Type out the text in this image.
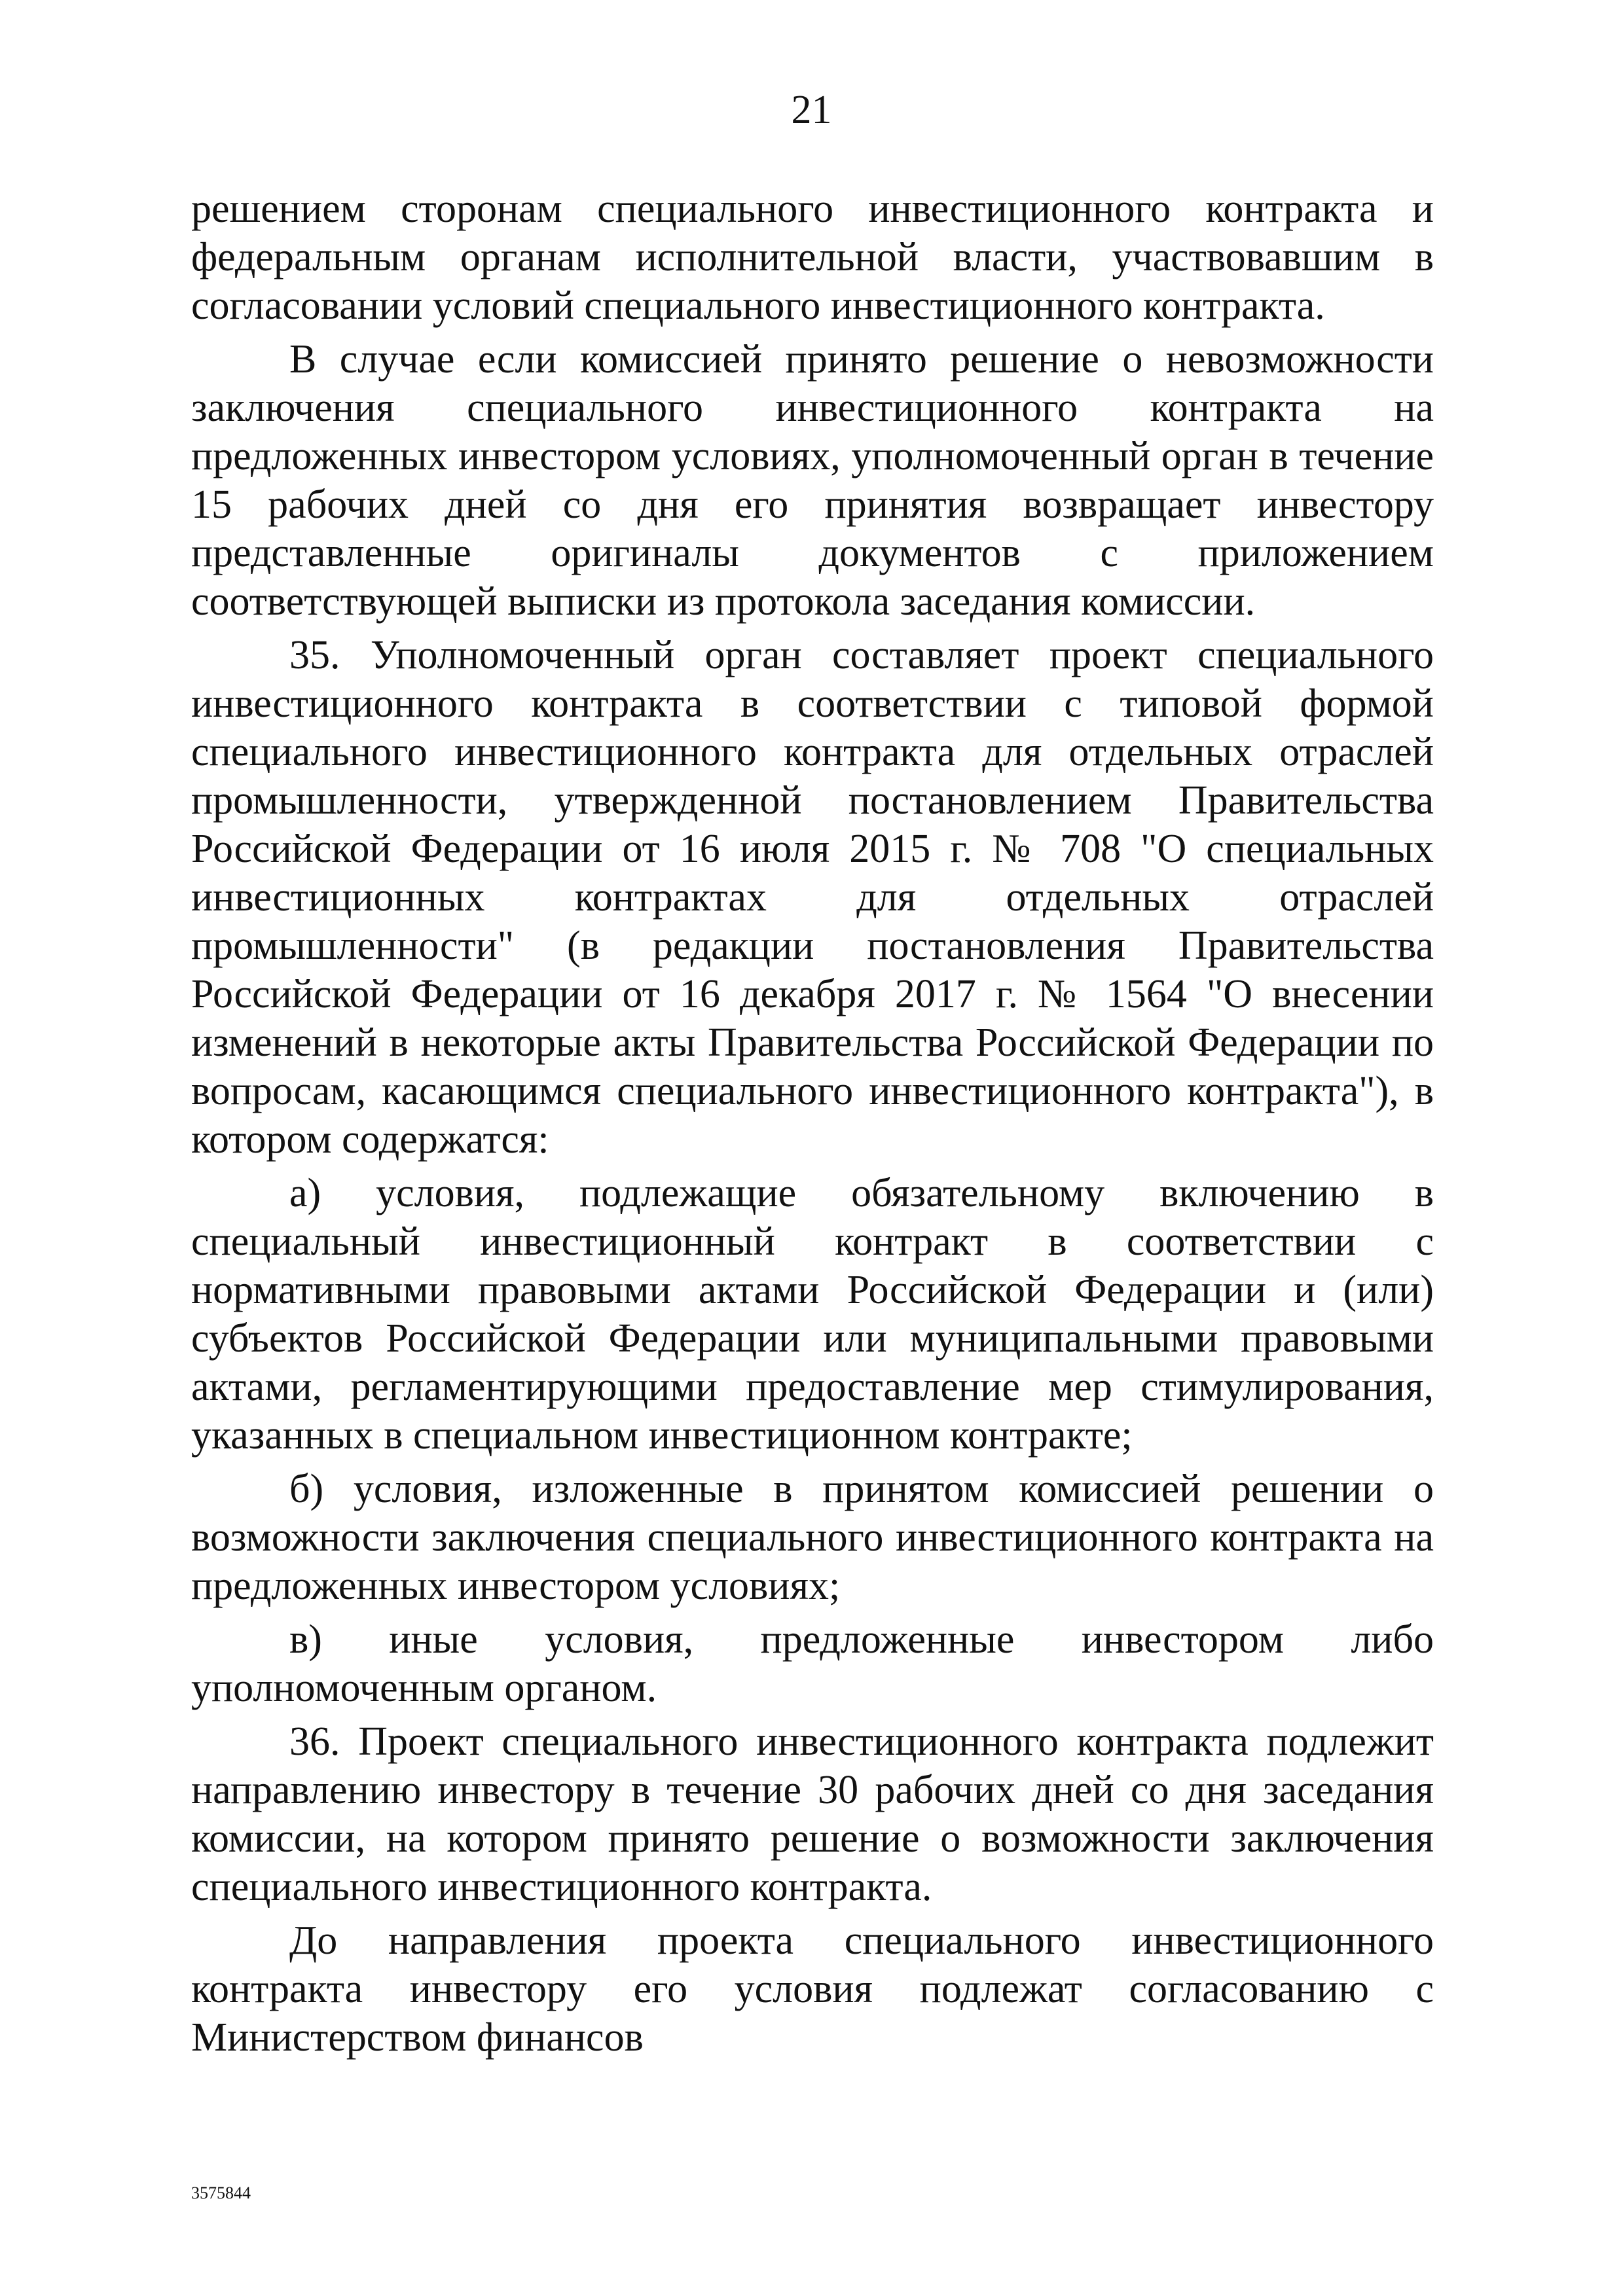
21

решением сторонам специального инвестиционного контракта и федеральным органам исполнительной власти, участвовавшим в согласовании условий специального инвестиционного контракта.

В случае если комиссией принято решение о невозможности заключения специального инвестиционного контракта на предложенных инвестором условиях, уполномоченный орган в течение 15 рабочих дней со дня его принятия возвращает инвестору представленные оригиналы документов с приложением соответствующей выписки из протокола заседания комиссии.

35. Уполномоченный орган составляет проект специального инвестиционного контракта в соответствии с типовой формой специального инвестиционного контракта для отдельных отраслей промышленности, утвержденной постановлением Правительства Российской Федерации от 16 июля 2015 г. № 708 "О специальных инвестиционных контрактах для отдельных отраслей промышленности" (в редакции постановления Правительства Российской Федерации от 16 декабря 2017 г. № 1564 "О внесении изменений в некоторые акты Правительства Российской Федерации по вопросам, касающимся специального инвестиционного контракта"), в котором содержатся:

а) условия, подлежащие обязательному включению в специальный инвестиционный контракт в соответствии с нормативными правовыми актами Российской Федерации и (или) субъектов Российской Федерации или муниципальными правовыми актами, регламентирующими предоставление мер стимулирования, указанных в специальном инвестиционном контракте;

б) условия, изложенные в принятом комиссией решении о возможности заключения специального инвестиционного контракта на предложенных инвестором условиях;

в) иные условия, предложенные инвестором либо уполномоченным органом.

36. Проект специального инвестиционного контракта подлежит направлению инвестору в течение 30 рабочих дней со дня заседания комиссии, на котором принято решение о возможности заключения специального инвестиционного контракта.

До направления проекта специального инвестиционного контракта инвестору его условия подлежат согласованию с Министерством финансов

3575844
